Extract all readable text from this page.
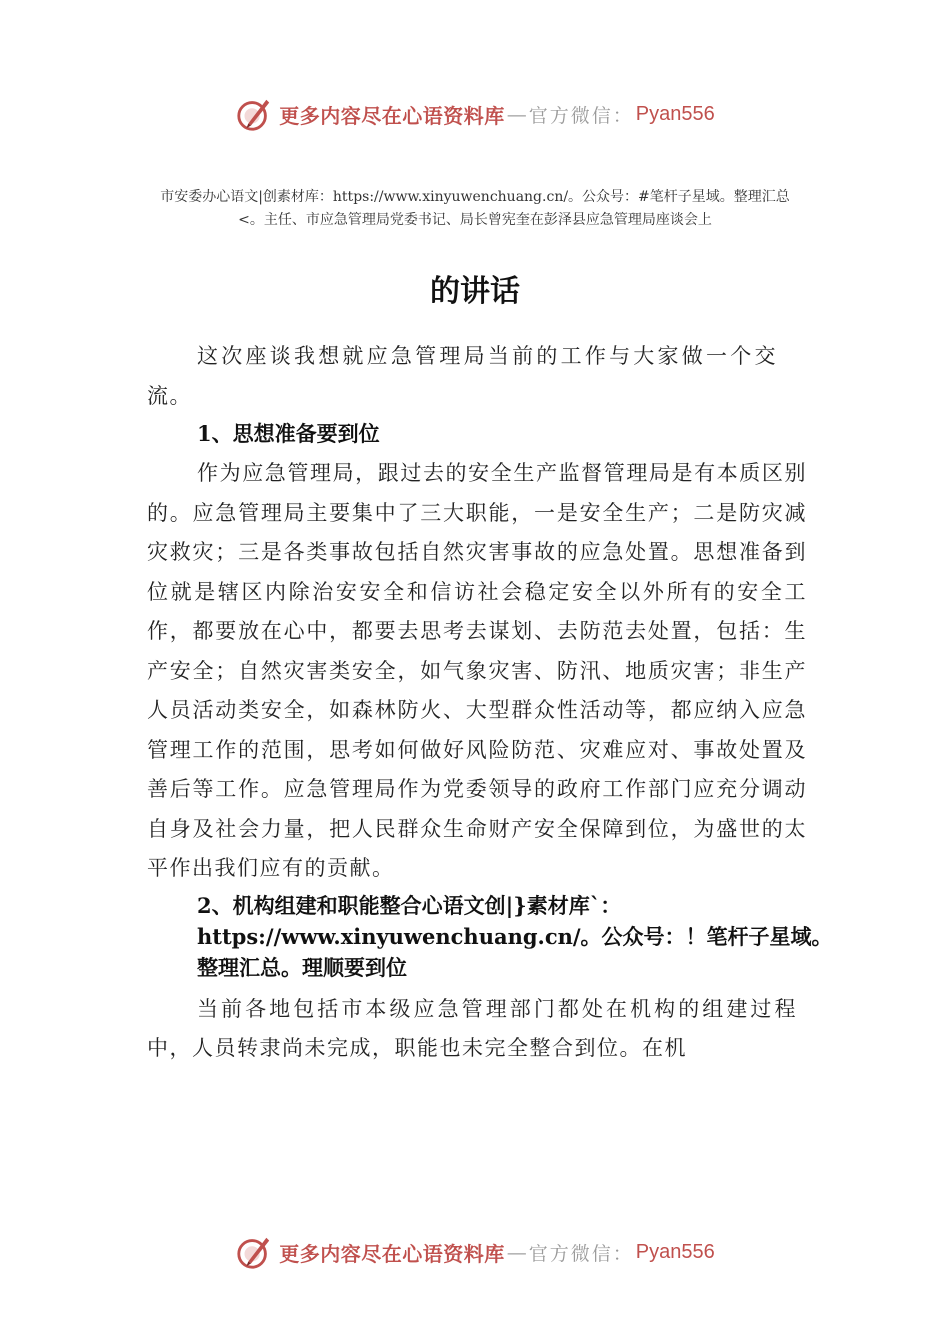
更多内容尽在心语资料库 — 官方微信： Pyan556
市安委办心语文|创素材库：https://www.xinyuwenchuang.cn/。公众号：#笔杆子星域。整理汇总<。主任、市应急管理局党委书记、局长曾宪奎在彭泽县应急管理局座谈会上
的讲话

这次座谈我想就应急管理局当前的工作与大家做一个交流。

1、思想准备要到位

作为应急管理局，跟过去的安全生产监督管理局是有本质区别的。应急管理局主要集中了三大职能，一是安全生产；二是防灾减灾救灾；三是各类事故包括自然灾害事故的应急处置。思想准备到位就是辖区内除治安安全和信访社会稳定安全以外所有的安全工作，都要放在心中，都要去思考去谋划、去防范去处置，包括：生产安全；自然灾害类安全，如气象灾害、防汛、地质灾害；非生产人员活动类安全，如森林防火、大型群众性活动等，都应纳入应急管理工作的范围，思考如何做好风险防范、灾难应对、事故处置及善后等工作。应急管理局作为党委领导的政府工作部门应充分调动自身及社会力量，把人民群众生命财产安全保障到位，为盛世的太平作出我们应有的贡献。

2、机构组建和职能整合心语文创|}素材库`：https://www.xinyuwenchuang.cn/。公众号：！笔杆子星域。整理汇总。理顺要到位

当前各地包括市本级应急管理部门都处在机构的组建过程中，人员转隶尚未完成，职能也未完全整合到位。在机

更多内容尽在心语资料库 — 官方微信： Pyan556
